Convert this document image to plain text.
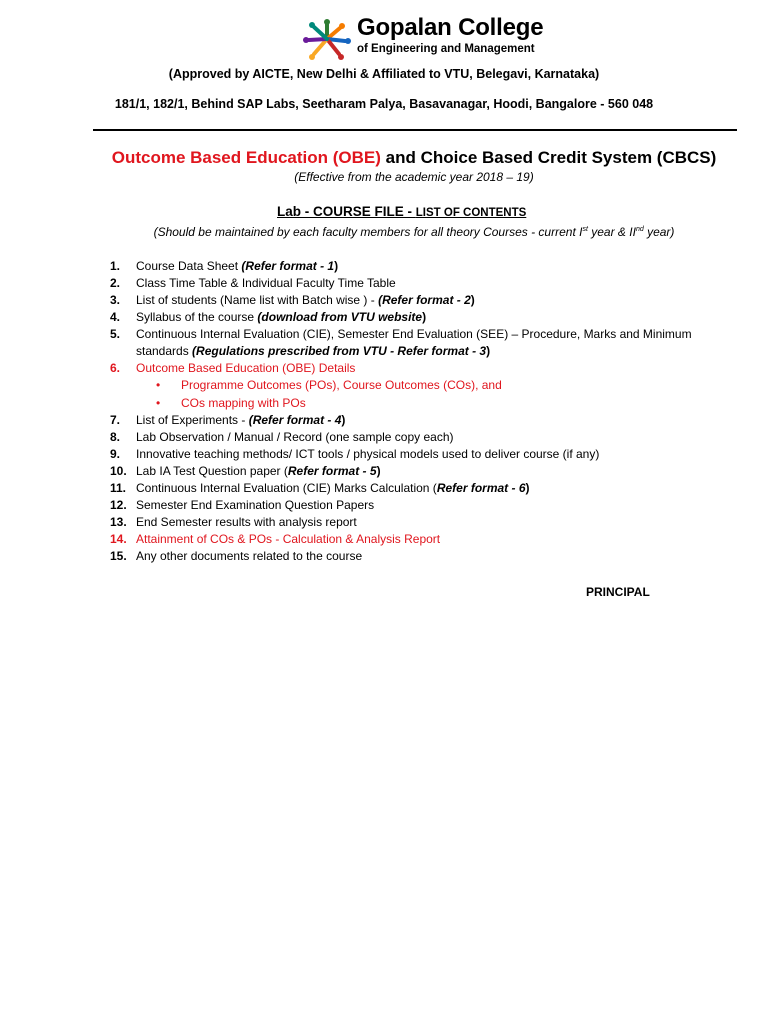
Gopalan College
of Engineering and Management
(Approved by AICTE, New Delhi & Affiliated to VTU, Belegavi, Karnataka)
181/1, 182/1, Behind SAP Labs, Seetharam Palya, Basavanagar, Hoodi, Bangalore - 560 048
Outcome Based Education (OBE) and Choice Based Credit System (CBCS)
(Effective from the academic year 2018 – 19)
Lab - COURSE FILE - LIST OF CONTENTS
(Should be maintained by each faculty members for all theory Courses - current Ist year & IInd year)
1.	Course Data Sheet (Refer format - 1)
2.	Class Time Table & Individual Faculty Time Table
3.	List of students (Name list with Batch wise ) - (Refer format - 2)
4.	Syllabus of the course (download from VTU website)
5.	Continuous Internal Evaluation (CIE), Semester End Evaluation (SEE) – Procedure, Marks and Minimum
standards (Regulations prescribed from VTU - Refer format - 3)
6.	Outcome Based Education (OBE) Details
• Programme Outcomes (POs), Course Outcomes (COs), and
• COs mapping with POs
7.	List of Experiments - (Refer format - 4)
8.	Lab Observation / Manual / Record (one sample copy each)
9.	Innovative teaching methods/ ICT tools / physical models used to deliver course (if any)
10. Lab IA Test Question paper (Refer format - 5)
11. Continuous Internal Evaluation (CIE) Marks Calculation (Refer format - 6)
12. Semester End Examination Question Papers
13. End Semester results with analysis report
14. Attainment of COs & POs - Calculation & Analysis Report
15. Any other documents related to the course
PRINCIPAL
